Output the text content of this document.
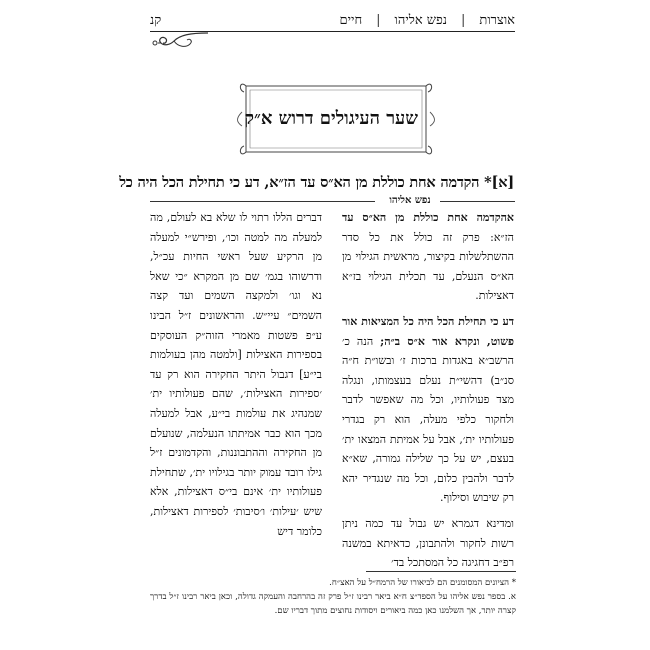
אוצרות
|
נפש אליהו
|
חיים
קנ
שער העיגולים דרוש א״ק
[א]* הקדמה אחת כוללת מן הא״ס עד הז״א, דע כי תחילת הכל היה כל
נפש אליהו

אהקדמה אחת כוללת מן הא״ס עד הז״א: פרק זה כולל את כל סדר ההשתלשלות בקיצור, מראשית הגילוי מן הא״ס הנעלם, עד תכלית הגילוי בז״א דאצילות.

דע כי תחילת הכל היה כל המציאות אור פשוט, ונקרא אור א״ס ב״ה; הנה כ׳ הרשב״א באגדות ברכות ז׳ ובשו״ת ח״ה סנ״ב) דהשי״ת נעלם בעצמותו, ונגלה מצד פעולותיו, וכל מה שאפשר לדבר ולחקור כלפי מעלה, הוא רק בגדרי פעולותיו ית׳, אבל על אמיתת המצאו ית׳ בעצם, יש על כך שלילה גמורה, שא״א לדבר ולהבין כלום, וכל מה שנגדיר יהא רק שיבוש וסילוף.

ומדינא דגמרא יש גבול עד כמה ניתן רשות לחקור ולהתבונן, כדאיתא במשנה רפ״ב דחגיגה כל המסתכל בד׳

דברים הללו רתוי לו שלא בא לעולם, מה למעלה מה למטה וכו׳, ופירש״י למעלה מן הרקיע שעל ראשי החיות עכ״ל, ודרשוהו בגמ׳ שם מן המקרא ״כי שאל נא וגו׳ ולמקצה השמים ועד קצה השמים״ עיי״ש. והראשונים ז״ל הבינו ע״פ פשטות מאמרי הזוה״ק העוסקים בספירות האצילות [ולמטה מהן בעולמות בי״ע] דגבול היתר החקירה הוא רק עד ׳ספירות האצילות׳, שהם פעולותיו ית׳ שמנהיג את עולמות בי״ע, אבל למעלה מכך הוא כבר אמיתתו הנעלמה, שנועלם מן החקירה וההתבוננות, והקדמונים ז״ל גילו רובד עמוק יותר בגילויו ית׳, שתחילת פעולותיו ית׳ אינם בי״ס דאצילות, אלא שיש ׳עילות׳ ו׳סיבות׳ לספירות דאצילות, כלומר דיש

* הציונים המסומנים הם לביאורו של הרמח״ל על האצ״ח.

א. בספר נפש אליהו על הספד״צ ח״א ביאר רבינו ז״ל פרק זה בהרחבה והעמקה גדולה, וכאן ביאר רבינו ז״ל בדרך קצרה יותר, אך השלמנו כאן כמה ביאורים ויסודות נחוצים מתוך דבריו שם.
